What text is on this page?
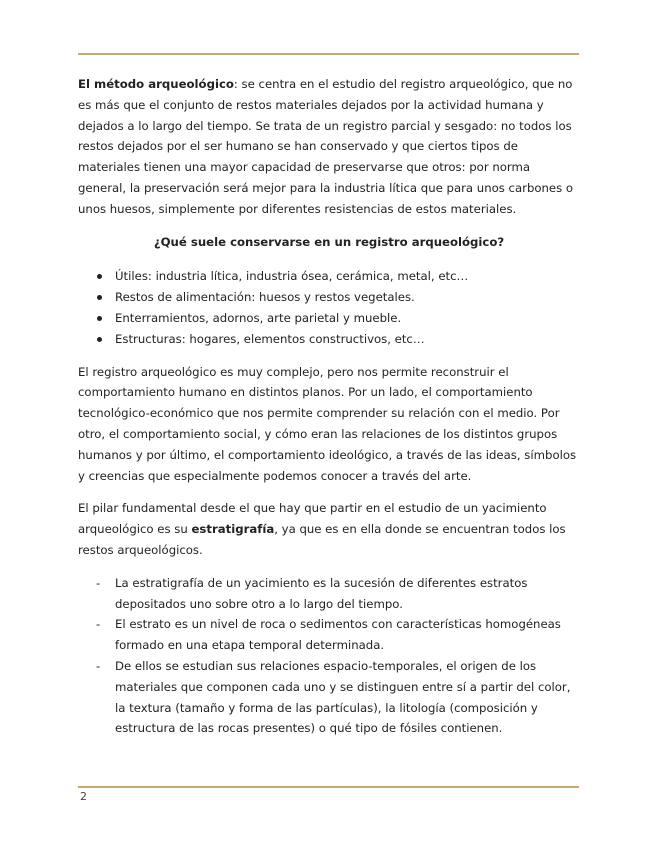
El método arqueológico: se centra en el estudio del registro arqueológico, que no es más que el conjunto de restos materiales dejados por la actividad humana y dejados a lo largo del tiempo. Se trata de un registro parcial y sesgado: no todos los restos dejados por el ser humano se han conservado y que ciertos tipos de materiales tienen una mayor capacidad de preservarse que otros: por norma general, la preservación será mejor para la industria lítica que para unos carbones o unos huesos, simplemente por diferentes resistencias de estos materiales.

¿Qué suele conservarse en un registro arqueológico?

Útiles: industria lítica, industria ósea, cerámica, metal, etc…
Restos de alimentación: huesos y restos vegetales.
Enterramientos, adornos, arte parietal y mueble.
Estructuras: hogares, elementos constructivos, etc…

El registro arqueológico es muy complejo, pero nos permite reconstruir el comportamiento humano en distintos planos. Por un lado, el comportamiento tecnológico-económico que nos permite comprender su relación con el medio. Por otro, el comportamiento social, y cómo eran las relaciones de los distintos grupos humanos y por último, el comportamiento ideológico, a través de las ideas, símbolos y creencias que especialmente podemos conocer a través del arte.

El pilar fundamental desde el que hay que partir en el estudio de un yacimiento arqueológico es su estratigrafía, ya que es en ella donde se encuentran todos los restos arqueológicos.

- La estratigrafía de un yacimiento es la sucesión de diferentes estratos depositados uno sobre otro a lo largo del tiempo.
- El estrato es un nivel de roca o sedimentos con características homogéneas formado en una etapa temporal determinada.
- De ellos se estudian sus relaciones espacio-temporales, el origen de los materiales que componen cada uno y se distinguen entre sí a partir del color, la textura (tamaño y forma de las partículas), la litología (composición y estructura de las rocas presentes) o qué tipo de fósiles contienen.
2
